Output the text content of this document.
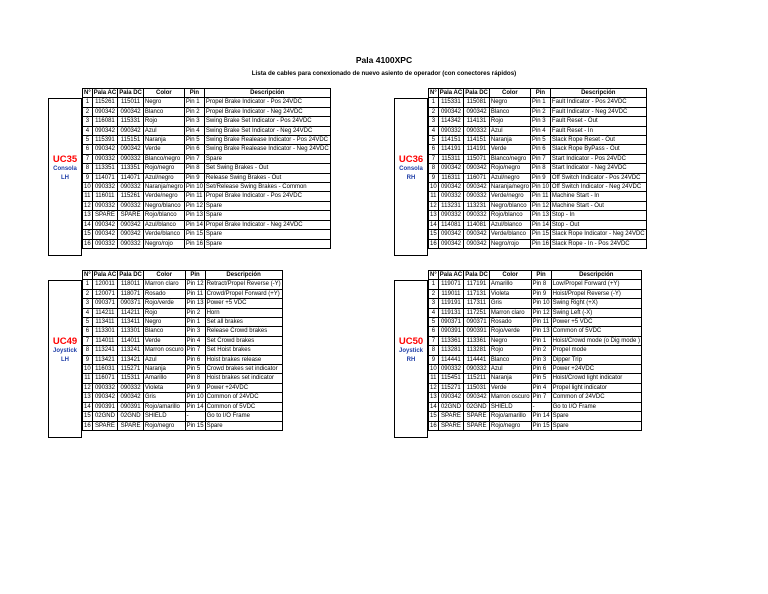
Pala 4100XPC
Lista de cables para conexionado de nuevo asiento de operador (con conectores rápidos)
UC35
Consola
LH
N°	Pala AC	Pala DC	Color	Pin	Descripción
1	115261	115011	Negro	Pin 1	Propel Brake Indicator - Pos 24VDC
2	090342	090342	Blanco	Pin 2	Propel Brake Indicator - Neg 24VDC
3	116081	115331	Rojo	Pin 3	Swing Brake Set Indicator - Pos 24VDC
4	090342	090342	Azul	Pin 4	Swing Brake Set Indicator - Neg 24VDC
5	115391	115151	Naranja	Pin 5	Swing Brake Realease Indicator - Pos 24VDC
6	090342	090342	Verde	Pin 6	Swing Brake Realease Indicator - Neg 24VDC
7	090332	090332	Blanco/negro	Pin 7	Spare
8	113351	113351	Rojo/negro	Pin 8	Set Swing Brakes - Out
9	114071	114071	Azul/negro	Pin 9	Release Swing Brakes - Out
10	090332	090332	Naranja/negro	Pin 10	Set/Release Swing Brakes - Common
11	116011	115261	Verde/negro	Pin 11	Propel Brake Indicator - Pos 24VDC
12	090332	090332	Negro/blanco	Pin 12	Spare
13	SPARE	SPARE	Rojo/blanco	Pin 13	Spare
14	090342	090342	Azul/blanco	Pin 14	Propel Brake Indicator - Neg 24VDC
15	090342	090342	Verde/blanco	Pin 15	Spare
16	090332	090332	Negro/rojo	Pin 16	Spare
UC36
Consola
RH
N°	Pala AC	Pala DC	Color	Pin	Descripción
1	115331	115081	Negro	Pin 1	Fault Indicator - Pos 24VDC
2	090342	090342	Blanco	Pin 2	Fault Indicator - Neg 24VDC
3	114342	114131	Rojo	Pin 3	Fault Reset - Out
4	090332	090332	Azul	Pin 4	Fault Reset - In
5	114151	114151	Naranja	Pin 5	Slack Rope Reset - Out
6	114191	114191	Verde	Pin 6	Slack Rope ByPass - Out
7	115311	115071	Blanco/negro	Pin 7	Start Indicator - Pos 24VDC
8	090342	090342	Rojo/negro	Pin 8	Start Indicator - Neg 24VDC
9	116311	116071	Azul/negro	Pin 9	Off Switch Indicator - Pos 24VDC
10	090342	090342	Naranja/negro	Pin 10	Off Switch Indicator - Neg 24VDC
11	090332	090332	Verde/negro	Pin 11	Machine Start - In
12	113231	113231	Negro/blanco	Pin 12	Machine Start - Out
13	090332	090332	Rojo/blanco	Pin 13	Stop - In
14	114081	114081	Azul/blanco	Pin 14	Stop - Out
15	090342	090342	Verde/blanco	Pin 15	Slack Rope Indicator - Neg 24VDC
16	090342	090342	Negro/rojo	Pin 16	Slack Rope - In - Pos 24VDC
UC49
Joystick
LH
N°	Pala AC	Pala DC	Color	Pin	Descripción
1	120011	118011	Marron claro	Pin 12	Retract/Propel Reverse (-Y)
2	120071	118071	Rosado	Pin 11	Crowd/Propel Forward (+Y)
3	090371	090371	Rojo/verde	Pin 13	Power +5 VDC
4	114211	114211	Rojo	Pin 2	Horn
5	113411	113411	Negro	Pin 1	Set all brakes
6	113301	113301	Blanco	Pin 3	Release Crowd brakes
7	114011	114011	Verde	Pin 4	Set Crowd brakes
8	113241	113241	Marron oscuro	Pin 7	Set Hoist brakes
9	113421	113421	Azul	Pin 6	Hoist brakes release
10	116031	115271	Naranja	Pin 5	Crowd brakes set indicator
11	116071	115311	Amarillo	Pin 8	Hoist brakes set indicator
12	090332	090332	Violeta	Pin 9	Power +24VDC
13	090342	090342	Gris	Pin 10	Common of 24VDC
14	090391	090391	Rojo/amarillo	Pin 14	Common of 5VDC
15	02GND	02GND	SHIELD	-	Go to I/O Frame
16	SPARE	SPARE	Rojo/negro	Pin 15	Spare
UC50
Joystick
RH
N°	Pala AC	Pala DC	Color	Pin	Descripción
1	119071	117191	Amarillo	Pin 8	Low/Propel Forward (+Y)
2	119011	117131	Violeta	Pin 9	Hoist/Propel Reverse (-Y)
3	119191	117311	Gris	Pin 10	Swing Right (+X)
4	119131	117251	Marron claro	Pin 12	Swing Left (-X)
5	090371	090371	Rosado	Pin 11	Power +5 VDC
6	090391	090391	Rojo/verde	Pin 13	Common of 5VDC
7	113361	113361	Negro	Pin 1	Hoist/Crowd mode (o Dig mode )
8	113281	113281	Rojo	Pin 2	Propel mode
9	114441	114441	Blanco	Pin 3	Dipper Trip
10	090332	090332	Azul	Pin 6	Power +24VDC
11	115451	115211	Naranja	Pin 5	Hoist/Crowd light indicator
12	115271	115031	Verde	Pin 4	Propel light indicator
13	090342	090342	Marron oscuro	Pin 7	Common of 24VDC
14	02GND	02GND	SHIELD	-	Go to I/O Frame
15	SPARE	SPARE	Rojo/amarillo	Pin 14	Spare
16	SPARE	SPARE	Rojo/negro	Pin 15	Spare
